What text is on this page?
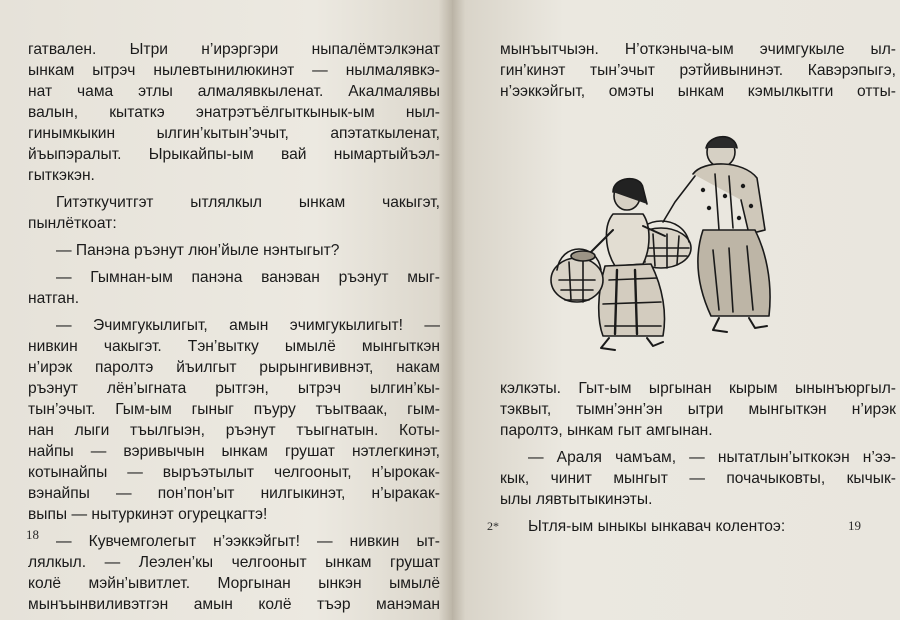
гатвален. Ытри н’ирэргэри ныпалёмтэлкэнат
ынкам ытрэч нылевтынилюкинэт — нылмалявкэ-
нат чама этлы алмалявкыленат. Акалмалявы
валын, кытаткэ энатрэтъёлгыткынык-ым ныл-
гинымкыкин ылгин’кытын’эчыт, апэтаткыленат,
йъыпэралыт. Ырыкайпы-ым вай нымартыйъэл-
гыткэкэн.
Гитэткучитгэт ытлялкыл ынкам чакыгэт,
пынлёткоат:
— Панэна ръэнут люн’йыле нэнтыгыт?
— Гымнан-ым панэна ванэван ръэнут мыг-
натган.
— Эчимгукылигыт, амын эчимгукылигыт! —
нивкин чакыгэт. Тэн’вытку ымылё мынгыткэн
н’ирэк паролтэ йъилгыт рырынгививнэт, накам
ръэнут лён’ыгната рытгэн, ытрэч ылгин’кы-
тын’эчыт. Гым-ым гыныг пъуру тъытваак, гым-
нан лыги тъылгыэн, ръэнут тъыгнатын. Коты-
найпы — вэривычын ынкам грушат нэтлегкинэт,
котынайпы — выръэтылыт челгооныт, н’ырокак-
вэнайпы — пон’пон’ыт нилгыкинэт, н’ыракак-
выпы — нытуркинэт огурецкагтэ!
— Кувчемголегыт н’ээккэйгыт! — нивкин ыт-
лялкыл. — Леэлен’кы челгооныт ынкам грушат
колё мэйн’ывитлет. Моргынан ынкэн ымылё
мынъынвиливэтгэн амын колё тъэр манэман
18
мынъытчыэн. Н’откэныча-ым эчимгукыле ыл-
гин’кинэт тын’эчыт рэтйивынинэт. Кавэрэпыгэ,
н’ээккэйгыт, омэты ынкам кэмылкытги отты-
кэлкэты. Гыт-ым ыргынан кырым ынынъюргыл-
тэквыт, тымн’энн’эн ытри мынгыткэн н’ирэк
паролтэ, ынкам гыт амгынан.
— Араля чамъам, — нытатлын’ыткокэн н’ээ-
кык, чинит мынгыт — почачыковты, кычык-
ылы лявтытыкинэты.
Ытля-ым ыныкы ынкавач колентоэ:
2*	19
